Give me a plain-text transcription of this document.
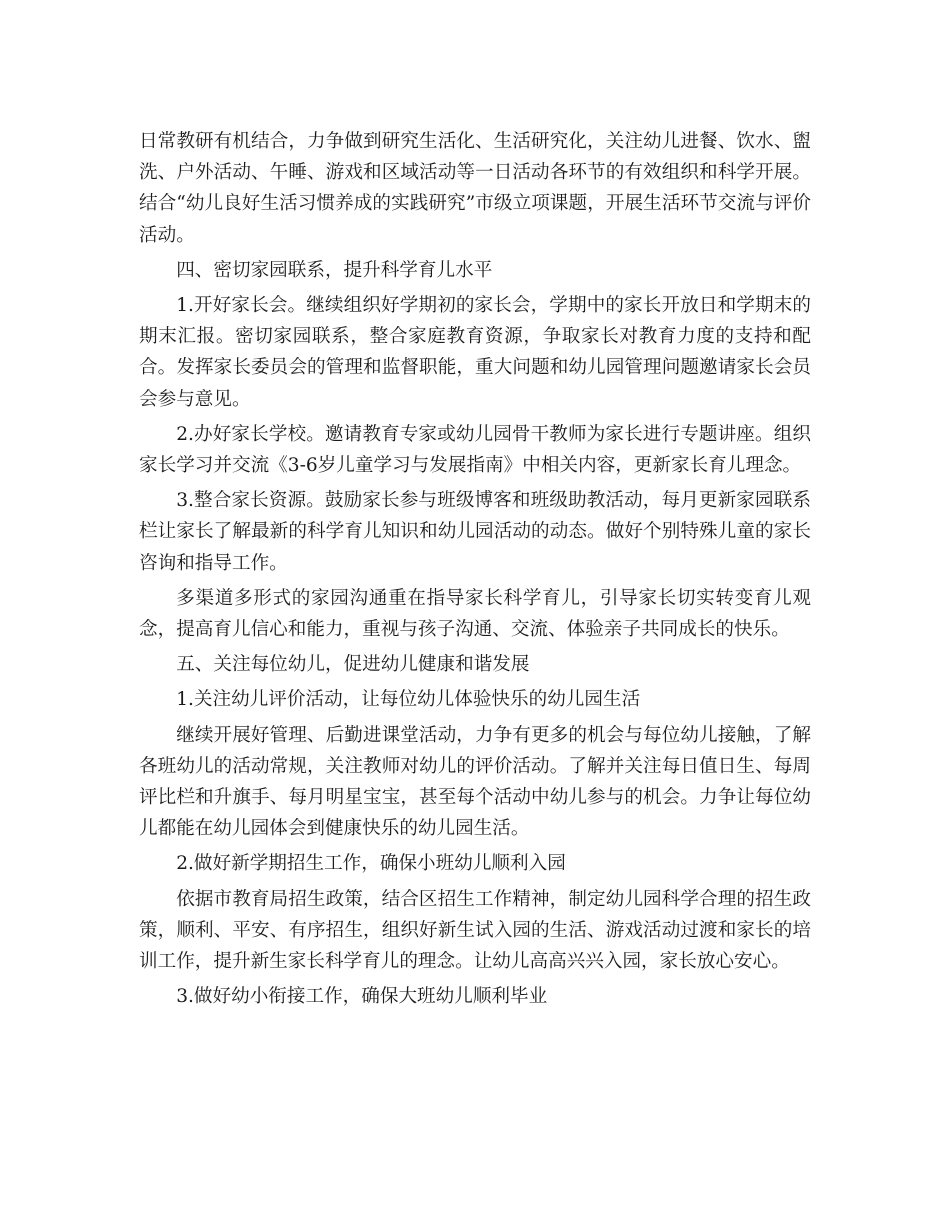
日常教研有机结合，力争做到研究生活化、生活研究化，关注幼儿进餐、饮水、盥洗、户外活动、午睡、游戏和区域活动等一日活动各环节的有效组织和科学开展。结合“幼儿良好生活习惯养成的实践研究”市级立项课题，开展生活环节交流与评价活动。

四、密切家园联系，提升科学育儿水平

1.开好家长会。继续组织好学期初的家长会，学期中的家长开放日和学期末的期末汇报。密切家园联系，整合家庭教育资源，争取家长对教育力度的支持和配合。发挥家长委员会的管理和监督职能，重大问题和幼儿园管理问题邀请家长会员会参与意见。

2.办好家长学校。邀请教育专家或幼儿园骨干教师为家长进行专题讲座。组织家长学习并交流《3-6岁儿童学习与发展指南》中相关内容，更新家长育儿理念。

3.整合家长资源。鼓励家长参与班级博客和班级助教活动，每月更新家园联系栏让家长了解最新的科学育儿知识和幼儿园活动的动态。做好个别特殊儿童的家长咨询和指导工作。

多渠道多形式的家园沟通重在指导家长科学育儿，引导家长切实转变育儿观念，提高育儿信心和能力，重视与孩子沟通、交流、体验亲子共同成长的快乐。

五、关注每位幼儿，促进幼儿健康和谐发展

1.关注幼儿评价活动，让每位幼儿体验快乐的幼儿园生活

继续开展好管理、后勤进课堂活动，力争有更多的机会与每位幼儿接触，了解各班幼儿的活动常规，关注教师对幼儿的评价活动。了解并关注每日值日生、每周评比栏和升旗手、每月明星宝宝，甚至每个活动中幼儿参与的机会。力争让每位幼儿都能在幼儿园体会到健康快乐的幼儿园生活。

2.做好新学期招生工作，确保小班幼儿顺利入园

依据市教育局招生政策，结合区招生工作精神，制定幼儿园科学合理的招生政策，顺利、平安、有序招生，组织好新生试入园的生活、游戏活动过渡和家长的培训工作，提升新生家长科学育儿的理念。让幼儿高高兴兴入园，家长放心安心。

3.做好幼小衔接工作，确保大班幼儿顺利毕业
